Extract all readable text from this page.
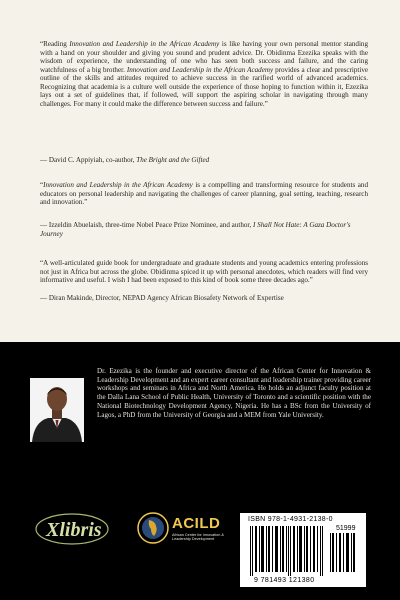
“Reading Innovation and Leadership in the African Academy is like having your own personal mentor standing with a hand on your shoulder and giving you sound and prudent advice. Dr. Obidinma Ezezika speaks with the wisdom of experience, the understanding of one who has seen both success and failure, and the caring watchfulness of a big brother. Innovation and Leadership in the African Academy provides a clear and prescriptive outline of the skills and attitudes required to achieve success in the rarified world of advanced academics. Recognizing that academia is a culture well outside the experience of those hoping to function within it, Ezezika lays out a set of guidelines that, if followed, will support the aspiring scholar in navigating through many challenges. For many it could make the difference between success and failure.”

— David C. Appiyiah, co-author, The Bright and the Gifted

“Innovation and Leadership in the African Academy is a compelling and transforming resource for students and educators on personal leadership and navigating the challenges of career planning, goal setting, teaching, research and innovation.”

— Izzeldin Abuelaish, three-time Nobel Peace Prize Nominee, and author, I Shall Not Hate: A Gaza Doctor's Journey

“A well-articulated guide book for undergraduate and graduate students and young academics entering professions not just in Africa but across the globe. Obidinma spiced it up with personal anecdotes, which readers will find very informative and useful. I wish I had been exposed to this kind of book some three decades ago.”

— Diran Makinde, Director, NEPAD Agency African Biosafety Network of Expertise

Dr. Ezezika is the founder and executive director of the African Center for Innovation & Leadership Development and an expert career consultant and leadership trainer providing career workshops and seminars in Africa and North America. He holds an adjunct faculty position at the Dalla Lana School of Public Health, University of Toronto and a scientific position with the National Biotechnology Development Agency, Nigeria. He has a BSc from the University of Lagos, a PhD from the University of Georgia and a MEM from Yale University.

Xlibris	ACILD
African Center for Innovation & Leadership Development
ISBN 978-1-4931-2138-0
51999
9 781493 121380
